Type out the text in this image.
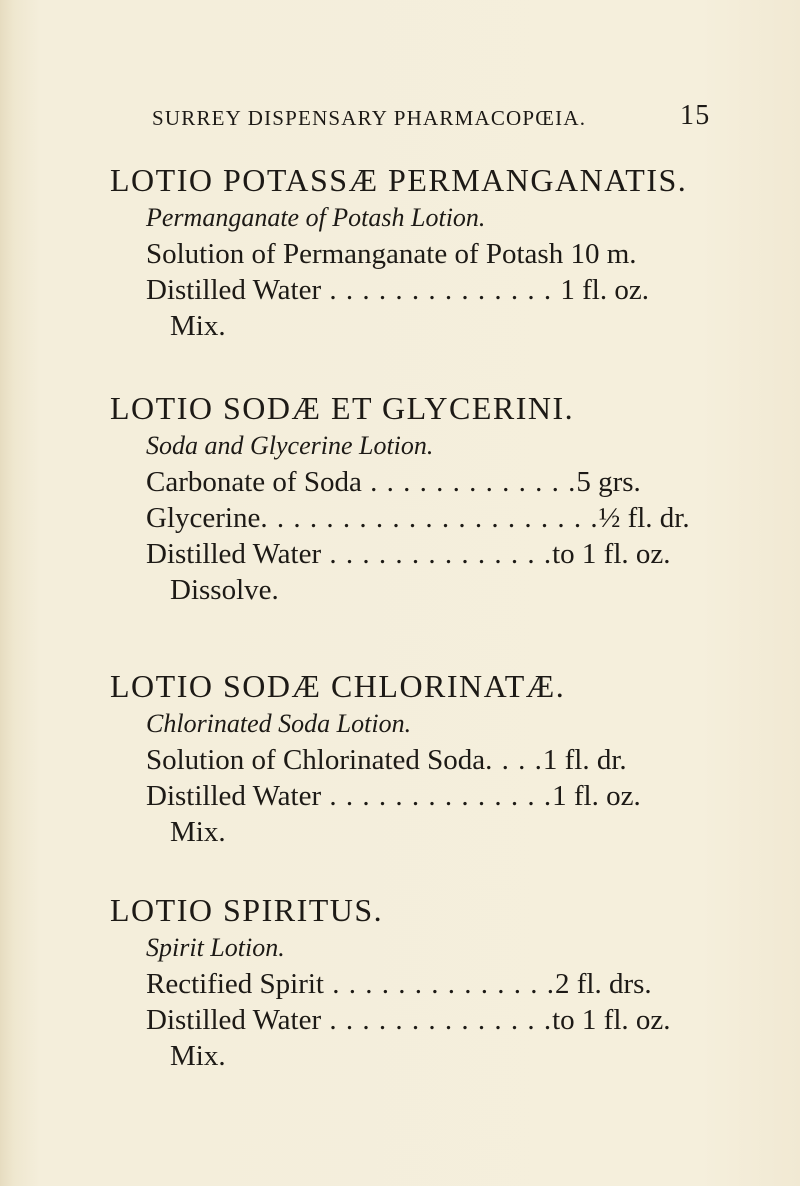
SURREY DISPENSARY PHARMACOPŒIA.	15
LOTIO POTASSÆ PERMANGANATIS.
Permanganate of Potash Lotion.
Solution of Permanganate of Potash 10 m.
Distilled Water . . . . . . . . . . . . . . 1 fl. oz.
Mix.
LOTIO SODÆ ET GLYCERINI.
Soda and Glycerine Lotion.
Carbonate of Soda . . . . . . . . . . . . .5 grs.
Glycerine. . . . . . . . . . . . . . . . . . . . .½ fl. dr.
Distilled Water . . . . . . . . . . . . . .to 1 fl. oz.
Dissolve.
LOTIO SODÆ CHLORINATÆ.
Chlorinated Soda Lotion.
Solution of Chlorinated Soda. . . .1 fl. dr.
Distilled Water . . . . . . . . . . . . . .1 fl. oz.
Mix.
LOTIO SPIRITUS.
Spirit Lotion.
Rectified Spirit . . . . . . . . . . . . . .2 fl. drs.
Distilled Water . . . . . . . . . . . . . .to 1 fl. oz.
Mix.
